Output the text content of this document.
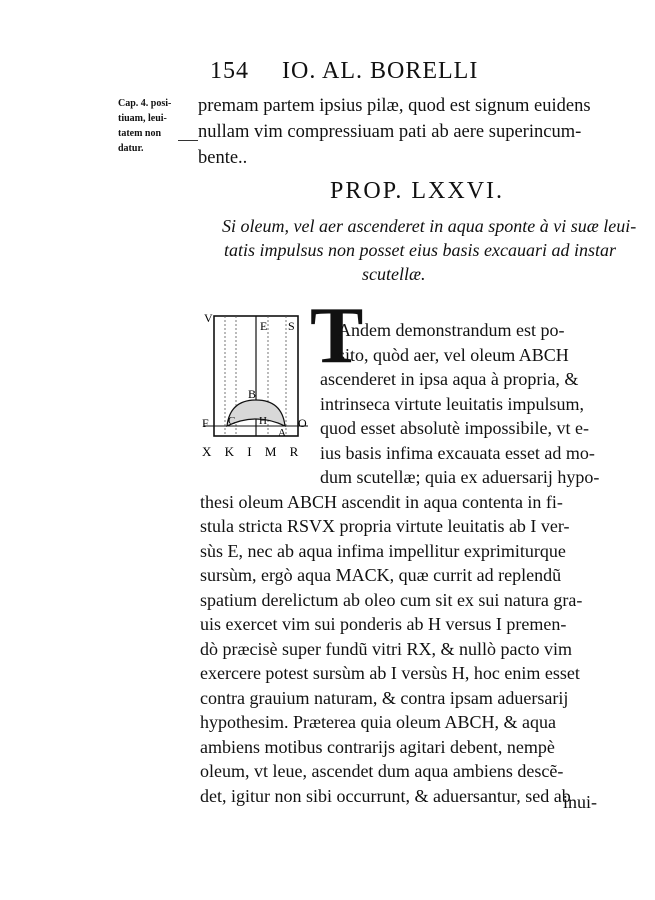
154 IO. AL. BORELLI
Cap. 4. posi-
tiuam, leui-
tatem non
datur.
premam partem ipsius pilæ, quod est signum euidens
nullam vim compressiuam pati ab aere superincum-
bente..
PROP. LXXVI.
Si oleum, vel aer ascenderet in aqua sponte à vi suæ leui-
tatis impulsus non posset eius basis excauari ad instar
scutellæ.
V
E S
B
C H
A
F	O
X K I M R
T
Andem demonstrandum est po-
sito, quòd aer, vel oleum ABCH
ascenderet in ipsa aqua à propria, &
intrinseca virtute leuitatis impulsum,
quod esset absolutè impossibile, vt e-
ius basis infima excauata esset ad mo-
dum scutellæ; quia ex aduersarij hypo-
thesi oleum ABCH ascendit in aqua contenta in fi-
stula stricta RSVX propria virtute leuitatis ab I ver-
sùs E, nec ab aqua infima impellitur exprimiturque
sursùm, ergò aqua MACK, quæ currit ad replendũ
spatium derelictum ab oleo cum sit ex sui natura gra-
uis exercet vim sui ponderis ab H versus I premen-
dò præcisè super fundũ vitri RX, & nullò pacto vim
exercere potest sursùm ab I versùs H, hoc enim esset
contra grauium naturam, & contra ipsam aduersarij
hypothesim. Præterea quia oleum ABCH, & aqua
ambiens motibus contrarijs agitari debent, nempè
oleum, vt leue, ascendet dum aqua ambiens descẽ-
det, igitur non sibi occurrunt, & aduersantur, sed ab
inui-
